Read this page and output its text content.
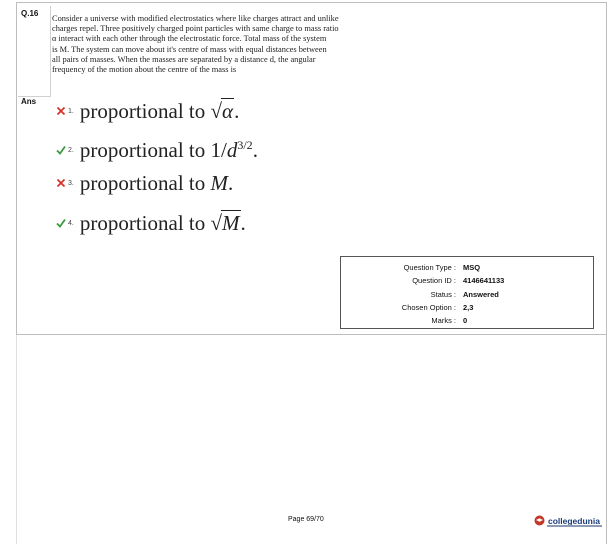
Q.16
Ans
Consider a universe with modified electrostatics where like charges attract and unlike
charges repel. Three positively charged point particles with same charge to mass ratio
α interact with each other through the electrostatic force. Total mass of the system
is M. The system can move about it's centre of mass with equal distances between
all pairs of masses. When the masses are separated by a distance d, the angular
frequency of the motion about the centre of the mass is
1. proportional to √α.
2. proportional to $1/d^{3/2}$.
3. proportional to M.
4. proportional to √M.
Question Type : MSQ
Question ID : 4146641133
Status : Answered
Chosen Option : 2,3
Marks : 0
Page 69/70	collegedunia
